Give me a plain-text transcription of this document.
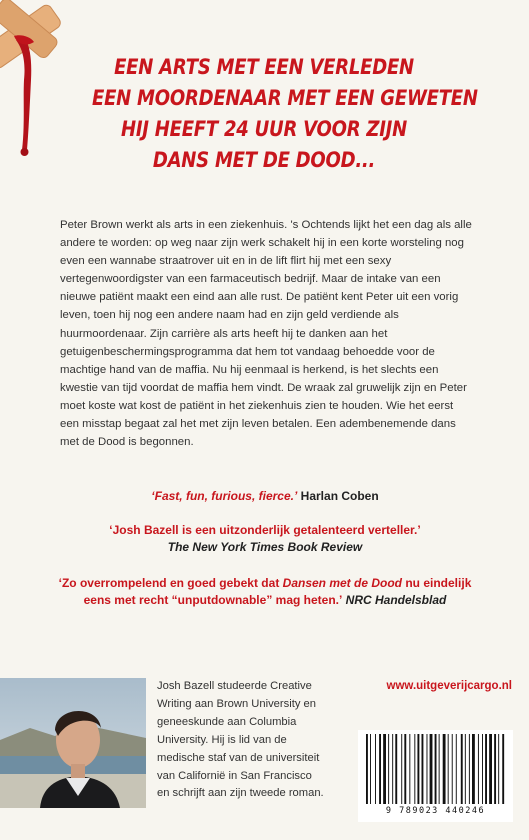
EEN ARTS MET EEN VERLEDEN
EEN MOORDENAAR MET EEN GEWETEN
HIJ HEEFT 24 UUR VOOR ZIJN
DANS MET DE DOOD...
Peter Brown werkt als arts in een ziekenhuis. 's Ochtends lijkt het een dag als alle andere te worden: op weg naar zijn werk schakelt hij in een korte worsteling nog even een wannabe straatrover uit en in de lift flirt hij met een sexy vertegenwoordigster van een farmaceutisch bedrijf. Maar de intake van een nieuwe patiënt maakt een eind aan alle rust. De patiënt kent Peter uit een vorig leven, toen hij nog een andere naam had en zijn geld verdiende als huurmoordenaar. Zijn carrière als arts heeft hij te danken aan het getuigenbeschermingsprogramma dat hem tot vandaag behoedde voor de machtige hand van de maffia. Nu hij eenmaal is herkend, is het slechts een kwestie van tijd voordat de maffia hem vindt. De wraak zal gruwelijk zijn en Peter moet koste wat kost de patiënt in het ziekenhuis zien te houden. Wie het eerst een misstap begaat zal het met zijn leven betalen. Een adembenemende dans met de Dood is begonnen.
‘Fast, fun, furious, fierce.’ Harlan Coben
‘Josh Bazell is een uitzonderlijk getalenteerd verteller.’
The New York Times Book Review
‘Zo overrompelend en goed gebekt dat Dansen met de Dood nu eindelijk
eens met recht “unputdownable” mag heten.’ NRC Handelsblad
Josh Bazell studeerde Creative Writing aan Brown University en geneeskunde aan Columbia University. Hij is lid van de medische staf van de universiteit van Californië in San Francisco en schrijft aan zijn tweede roman.
www.uitgeverijcargo.nl
9 789023 440246
